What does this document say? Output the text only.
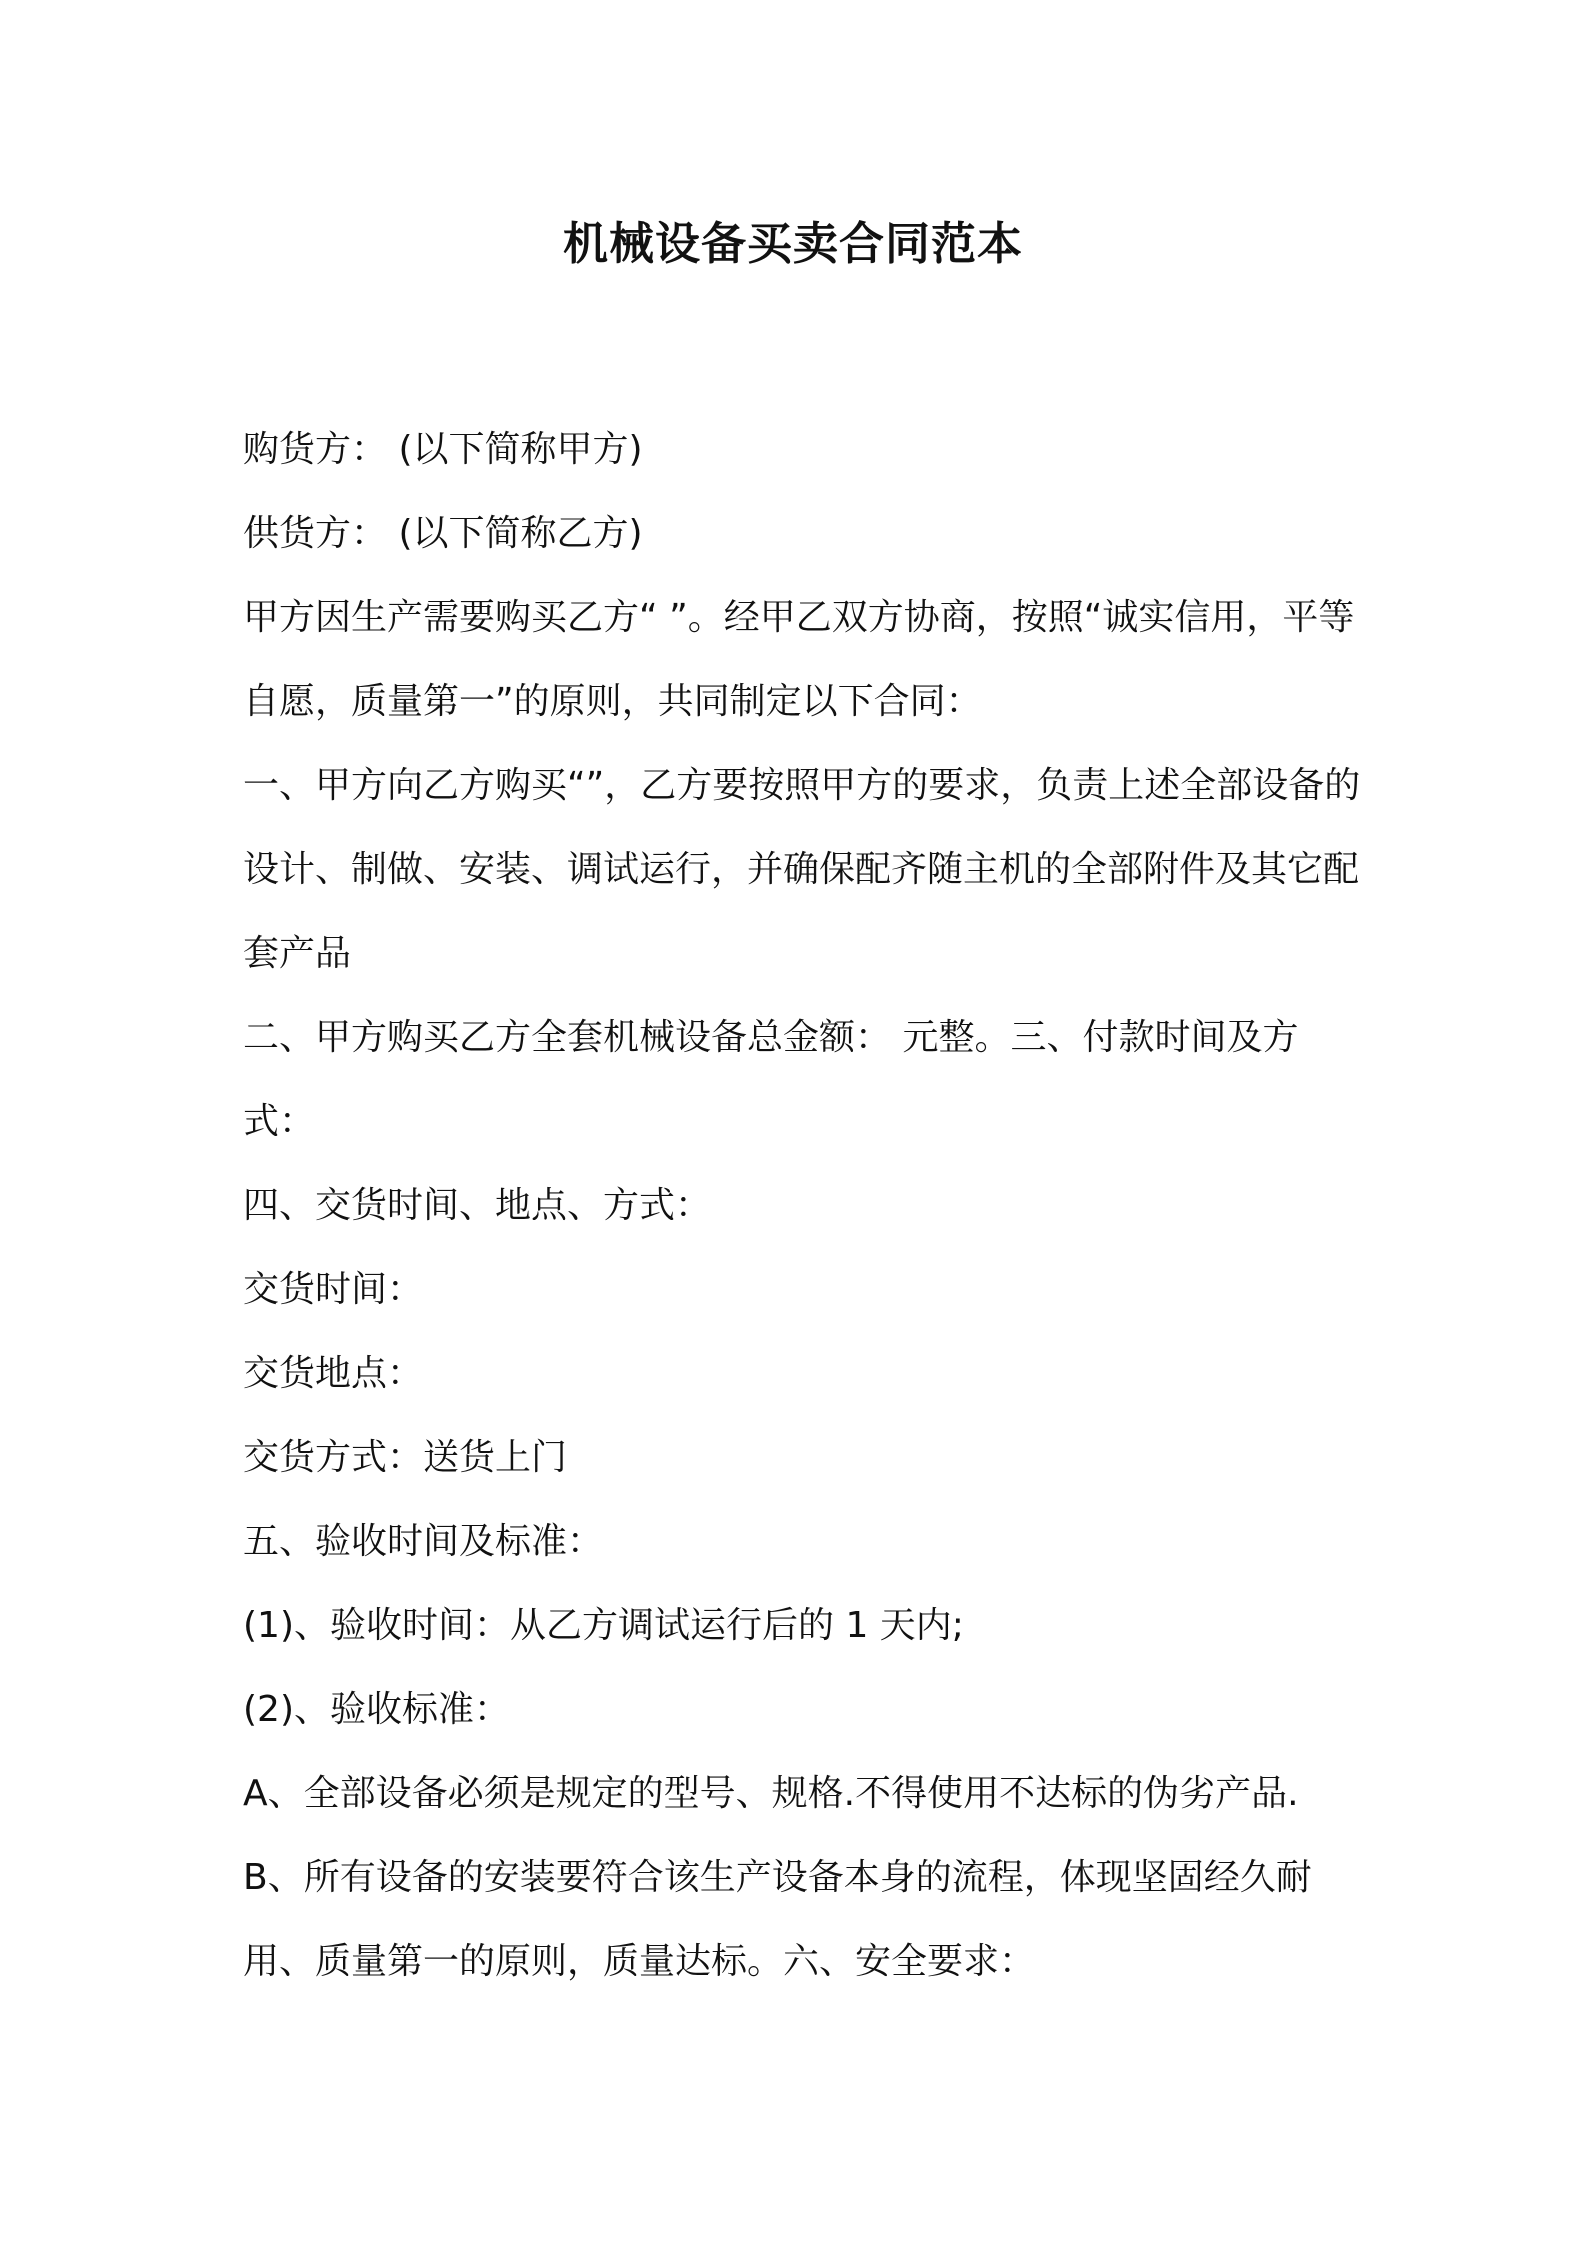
机械设备买卖合同范本

购货方： (以下简称甲方)

供货方： (以下简称乙方)

甲方因生产需要购买乙方“ ”。经甲乙双方协商，按照“诚实信用，平等自愿，质量第一”的原则，共同制定以下合同：

一、甲方向乙方购买“”，乙方要按照甲方的要求，负责上述全部设备的设计、制做、安装、调试运行，并确保配齐随主机的全部附件及其它配套产品

二、甲方购买乙方全套机械设备总金额： 元整。三、付款时间及方式：

四、交货时间、地点、方式：

交货时间：

交货地点：

交货方式：送货上门

五、验收时间及标准：

(1)、验收时间：从乙方调试运行后的 1 天内;

(2)、验收标准：

A、全部设备必须是规定的型号、规格.不得使用不达标的伪劣产品.

B、所有设备的安装要符合该生产设备本身的流程，体现坚固经久耐用、质量第一的原则，质量达标。六、安全要求：
